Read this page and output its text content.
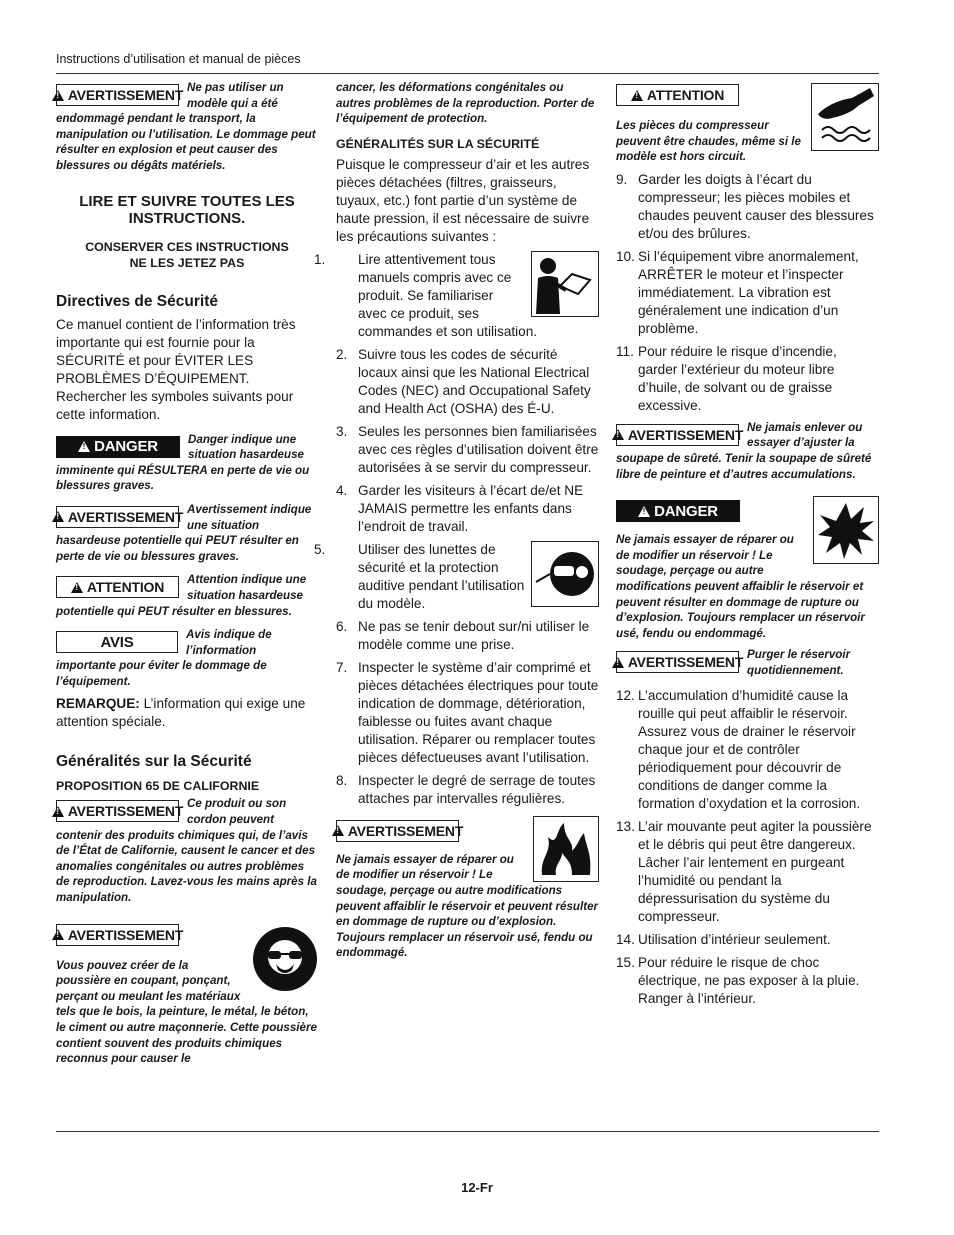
Instructions d’utilisation et manual de pièces
!
AVERTISSEMENT Ne pas utiliser un modèle qui a été endommagé pendant le transport, la manipulation ou l’utilisation. Le dommage peut résulter en explosion et peut causer des blessures ou dégâts matériels.
LIRE ET SUIVRE TOUTES LES INSTRUCTIONS.
CONSERVER CES INSTRUCTIONS NE LES JETEZ PAS
Directives de Sécurité
Ce manuel contient de l’information très importante qui est fournie pour la SÉCURITÉ et pour ÉVITER LES PROBLÈMES D’ÉQUIPEMENT. Rechercher les symboles suivants pour cette information.
!
DANGER	Danger indique une situation hasardeuse imminente qui RÉSULTERA en perte de vie ou blessures graves.
!
AVERTISSEMENT Avertissement indique une situation hasardeuse potentielle qui PEUT résulter en perte de vie ou blessures graves.
!
ATTENTION	Attention indique une situation hasardeuse potentielle qui PEUT résulter en blessures.
AVIS	Avis indique de l’information importante pour éviter le dommage de l’équipement.
REMARQUE: L’information qui exige une attention spéciale.
Généralités sur la Sécurité
PROPOSITION 65 DE CALIFORNIE
!
AVERTISSEMENT Ce produit ou son cordon peuvent contenir des produits chimiques qui, de l’avis de l’État de Californie, causent le cancer et des anomalies congénitales ou autres problèmes de reproduction. Lavez-vous les mains après la manipulation.
!
AVERTISSEMENT
Vous pouvez créer de la poussière en coupant, ponçant, perçant ou meulant les matériaux tels que le bois, la peinture, le métal, le béton, le ciment ou autre maçonnerie. Cette poussière contient souvent des produits chimiques reconnus pour causer le
cancer, les déformations congénitales ou autres problèmes de la reproduction. Porter de l’équipement de protection.
GÉNÉRALITÉS SUR LA SÉCURITÉ
Puisque le compresseur d’air et les autres pièces détachées (filtres, graisseurs, tuyaux, etc.) font partie d’un système de haute pression, il est nécessaire de suivre les précautions suivantes :
1. Lire attentivement tous manuels compris avec ce produit. Se familiariser avec ce produit, ses commandes et son utilisation.
2. Suivre tous les codes de sécurité locaux ainsi que les National Electrical Codes (NEC) and Occupational Safety and Health Act (OSHA) des É-U.
3. Seules les personnes bien familiarisées avec ces règles d’utilisation doivent être autorisées à se servir du compresseur.
4. Garder les visiteurs à l’écart de/et NE JAMAIS permettre les enfants dans l’endroit de travail.
5. Utiliser des lunettes de sécurité et la protection auditive pendant l’utilisation du modèle.
6. Ne pas se tenir debout sur/ni utiliser le modèle comme une prise.
7. Inspecter le système d’air comprimé et pièces détachées électriques pour toute indication de dommage, détérioration, faiblesse ou fuites avant chaque utilisation. Réparer ou remplacer toutes pièces défectueuses avant l’utilisation.
8. Inspecter le degré de serrage de toutes attaches par intervalles régulières.
!
AVERTISSEMENT
Ne jamais essayer de réparer ou de modifier un réservoir ! Le soudage, perçage ou autre modifications peuvent affaiblir le réservoir et peuvent résulter en dommage de rupture ou d’explosion. Toujours remplacer un réservoir usé, fendu ou endommagé.
!
ATTENTION
Les pièces du compresseur peuvent être chaudes, même si le modèle est hors circuit.
9. Garder les doigts à l’écart du compresseur; les pièces mobiles et chaudes peuvent causer des blessures et/ou des brûlures.
10. Si l’équipement vibre anormalement, ARRÊTER le moteur et l’inspecter immédiatement. La vibration est généralement une indication d’un problème.
11. Pour réduire le risque d’incendie, garder l’extérieur du moteur libre d’huile, de solvant ou de graisse excessive.
!
AVERTISSEMENT Ne jamais enlever ou essayer d’ajuster la soupape de sûreté. Tenir la soupape de sûreté libre de peinture et d’autres accumulations.
!
DANGER
Ne jamais essayer de réparer ou de modifier un réservoir ! Le soudage, perçage ou autre modifications peuvent affaiblir le réservoir et peuvent résulter en dommage de rupture ou d’explosion. Toujours remplacer un réservoir usé, fendu ou endommagé.
!
AVERTISSEMENT Purger le réservoir quotidiennement.
12. L’accumulation d’humidité cause la rouille qui peut affaiblir le réservoir. Assurez vous de drainer le réservoir chaque jour et de contrôler périodiquement pour découvrir de conditions de danger comme la formation d’oxydation et la corrosion.
13. L’air mouvante peut agiter la poussière et le débris qui peut être dangereux. Lâcher l’air lentement en purgeant l’humidité ou pendant la dépressurisation du système du compresseur.
14. Utilisation d’intérieur seulement.
15. Pour réduire le risque de choc électrique, ne pas exposer à la pluie. Ranger à l’intérieur.
12-Fr
